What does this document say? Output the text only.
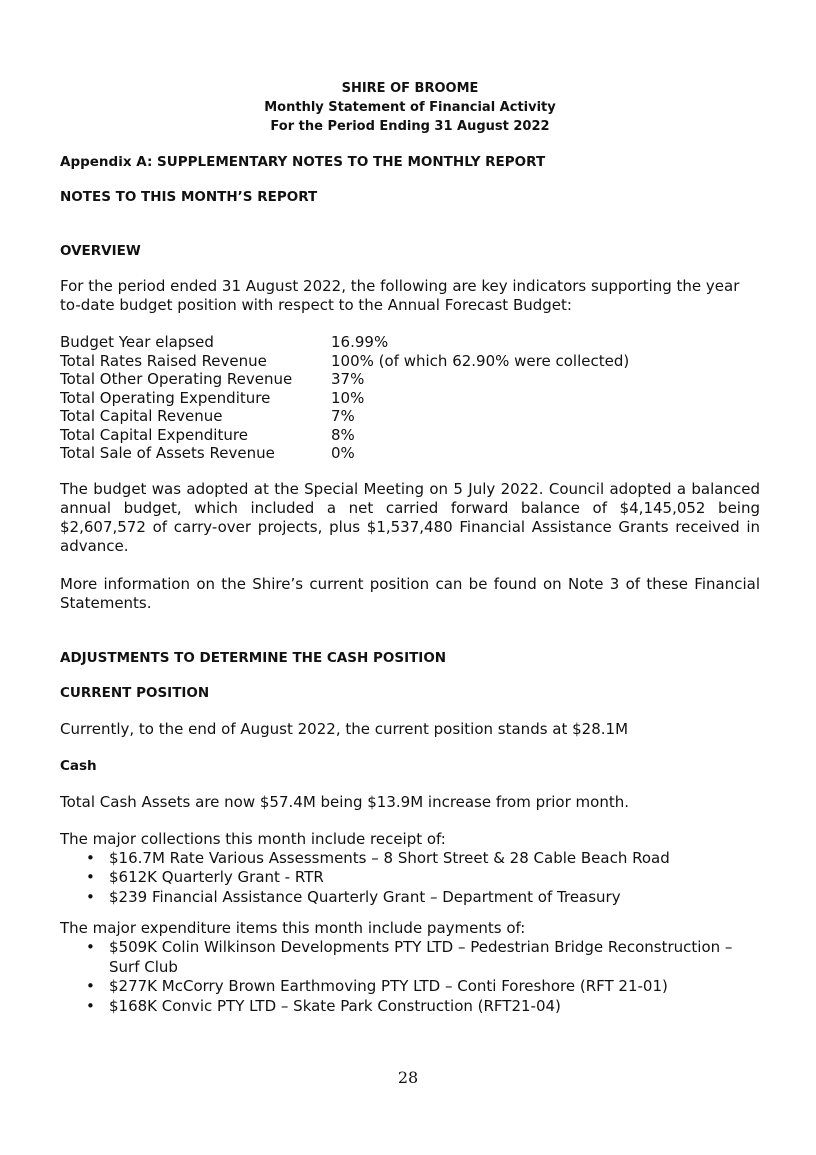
SHIRE OF BROOME
Monthly Statement of Financial Activity
For the Period Ending 31 August 2022
Appendix A: SUPPLEMENTARY NOTES TO THE MONTHLY REPORT
NOTES TO THIS MONTH’S REPORT
OVERVIEW

For the period ended 31 August 2022, the following are key indicators supporting the year to-date budget position with respect to the Annual Forecast Budget:

Budget Year elapsed	16.99%
Total Rates Raised Revenue	100% (of which 62.90% were collected)
Total Other Operating Revenue	37%
Total Operating Expenditure	10%
Total Capital Revenue	7%
Total Capital Expenditure	8%
Total Sale of Assets Revenue	0%

The budget was adopted at the Special Meeting on 5 July 2022. Council adopted a balanced annual budget, which included a net carried forward balance of $4,145,052 being $2,607,572 of carry-over projects, plus $1,537,480 Financial Assistance Grants received in advance.

More information on the Shire’s current position can be found on Note 3 of these Financial Statements.

ADJUSTMENTS TO DETERMINE THE CASH POSITION
CURRENT POSITION

Currently, to the end of August 2022, the current position stands at $28.1M

Cash

Total Cash Assets are now $57.4M being $13.9M increase from prior month.

The major collections this month include receipt of:

• $16.7M Rate Various Assessments – 8 Short Street & 28 Cable Beach Road
• $612K Quarterly Grant - RTR
• $239 Financial Assistance Quarterly Grant – Department of Treasury

The major expenditure items this month include payments of:

• $509K Colin Wilkinson Developments PTY LTD – Pedestrian Bridge Reconstruction – Surf Club
• $277K McCorry Brown Earthmoving PTY LTD – Conti Foreshore (RFT 21-01)
• $168K Convic PTY LTD – Skate Park Construction (RFT21-04)
28
